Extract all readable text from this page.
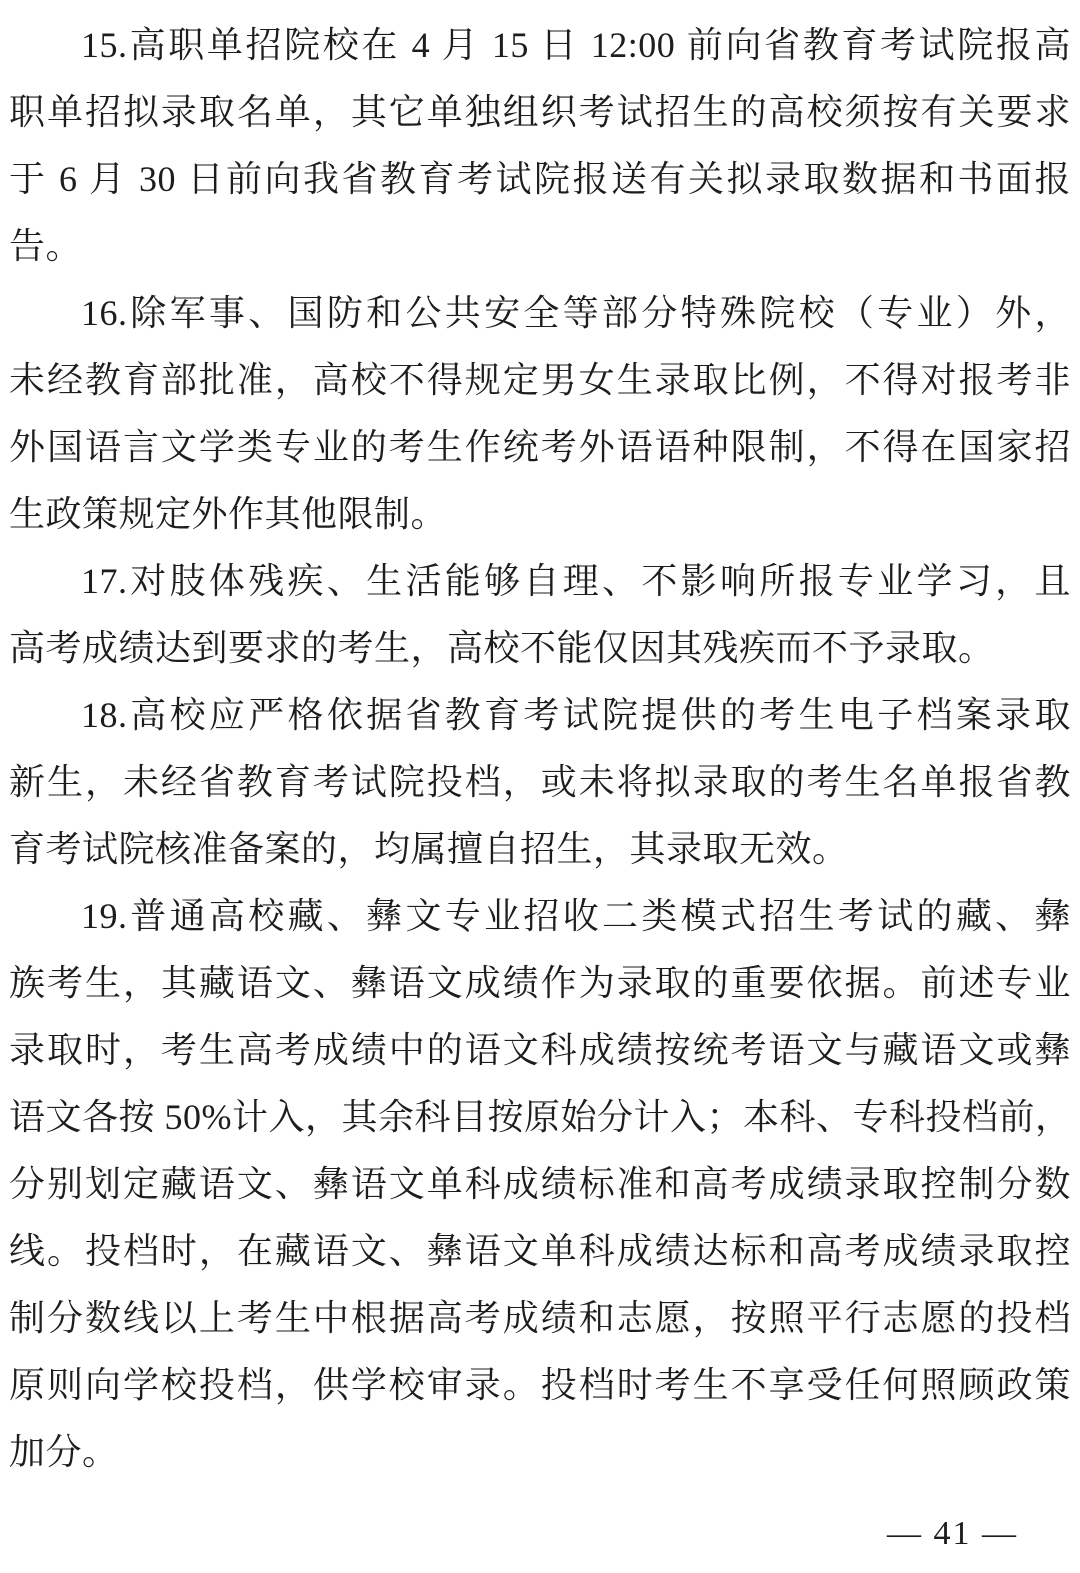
15.高职单招院校在 4 月 15 日 12:00 前向省教育考试院报高
职单招拟录取名单，其它单独组织考试招生的高校须按有关要求
于 6 月 30 日前向我省教育考试院报送有关拟录取数据和书面报
告。
16.除军事、国防和公共安全等部分特殊院校（专业）外，
未经教育部批准，高校不得规定男女生录取比例，不得对报考非
外国语言文学类专业的考生作统考外语语种限制，不得在国家招
生政策规定外作其他限制。
17.对肢体残疾、生活能够自理、不影响所报专业学习，且
高考成绩达到要求的考生，高校不能仅因其残疾而不予录取。
18.高校应严格依据省教育考试院提供的考生电子档案录取
新生，未经省教育考试院投档，或未将拟录取的考生名单报省教
育考试院核准备案的，均属擅自招生，其录取无效。
19.普通高校藏、彝文专业招收二类模式招生考试的藏、彝
族考生，其藏语文、彝语文成绩作为录取的重要依据。前述专业
录取时，考生高考成绩中的语文科成绩按统考语文与藏语文或彝
语文各按 50%计入，其余科目按原始分计入；本科、专科投档前，
分别划定藏语文、彝语文单科成绩标准和高考成绩录取控制分数
线。投档时，在藏语文、彝语文单科成绩达标和高考成绩录取控
制分数线以上考生中根据高考成绩和志愿，按照平行志愿的投档
原则向学校投档，供学校审录。投档时考生不享受任何照顾政策
加分。
— 41 —
